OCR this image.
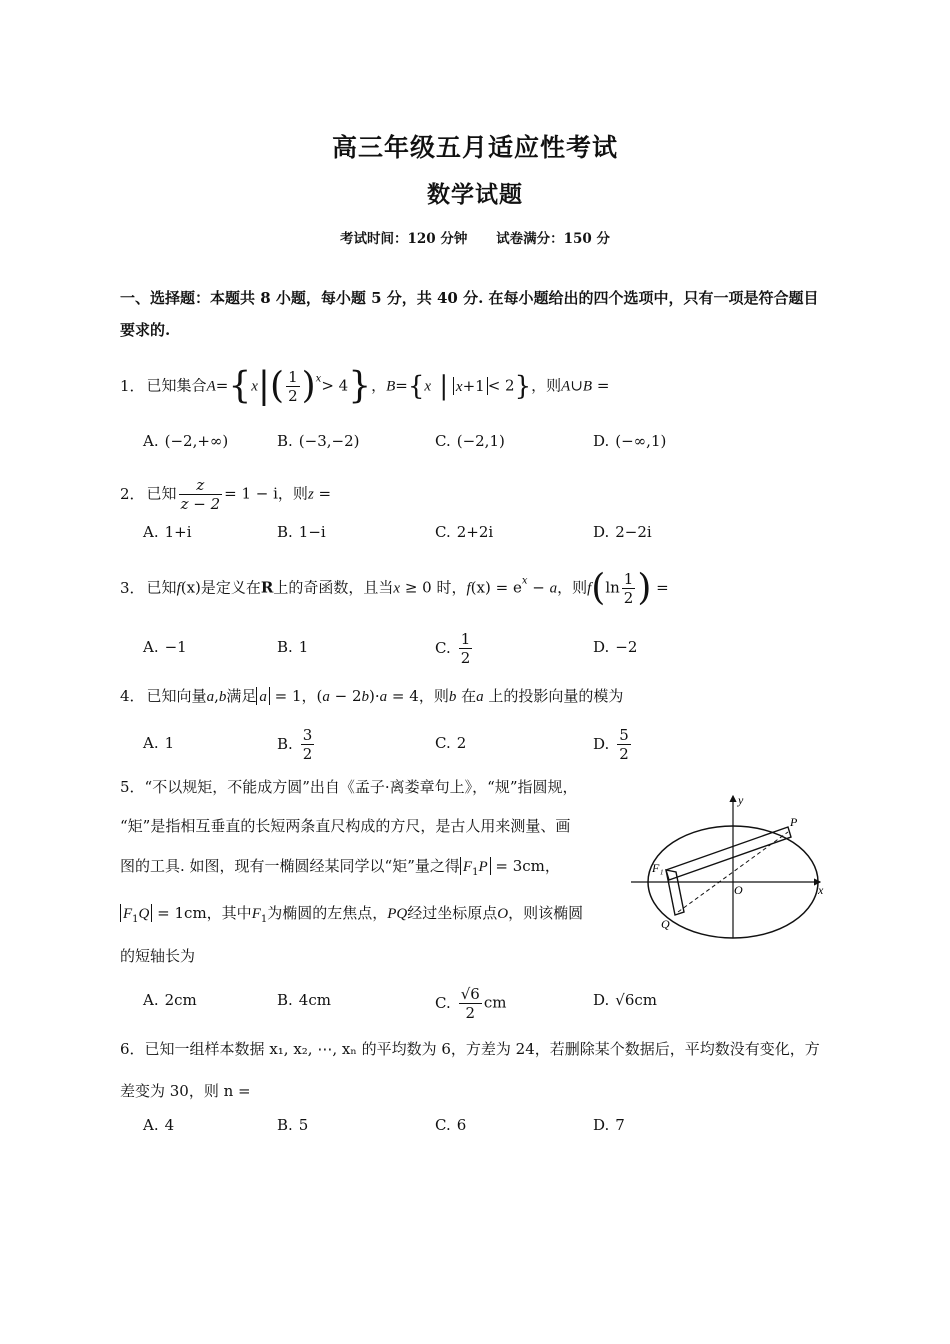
高三年级五月适应性考试
数学试题
考试时间：120 分钟 试卷满分：150 分
一、选择题：本题共 8 小题，每小题 5 分，共 40 分. 在每小题给出的四个选项中，只有一项是符合题目
要求的.
1． 已知集合$A=\{x|( \frac{1}{2} )^x> 4\}$，B={x | x+1 < 2}，则A∪B =
A. (−2,+∞)	B. (−3,−2)	C. (−2,1)	D. (−∞,1)
2． 已知 $\frac{z}{z - 2} = 1 - i$，则z =
A. 1+i	B. 1−i	C. 2+2i	D. 2−2i
3． 已知f(x)是定义在R上的奇函数，且当x ≥ 0 时，$f(x) = e^x - a$，则$f(\ln \frac{1}{2}$ ) =
A. −1	B. 1	C. $\frac{1}{2}$	D. −2
4． 已知向量a,b满足 a = 1，(a − 2b)·a = 4，则b 在a 上的投影向量的模为
A. 1	B. $\frac{3}{2}$	C. 2	D. $\frac{5}{2}$
5．“不以规矩，不能成方圆”出自《孟子·离娄章句上》，“规”指圆规，
“矩”是指相互垂直的长短两条直尺构成的方尺，是古人用来测量、画
图的工具. 如图，现有一椭圆经某同学以“矩”量之得 $F_1P = 3cm$，
$F_1Q = 1cm$，其中$F_1$为椭圆的左焦点，PQ经过坐标原点O，则该椭圆
的短轴长为
y
x
P
F₁
O
Q
A. 2cm	B. 4cm	C. $\frac{√6}{2}$ cm	D. √6cm
6．已知一组样本数据 x₁, x₂, ⋯, xₙ 的平均数为 6，方差为 24，若删除某个数据后，平均数没有变化，方
差变为 30，则 n =
A. 4	B. 5	C. 6	D. 7
